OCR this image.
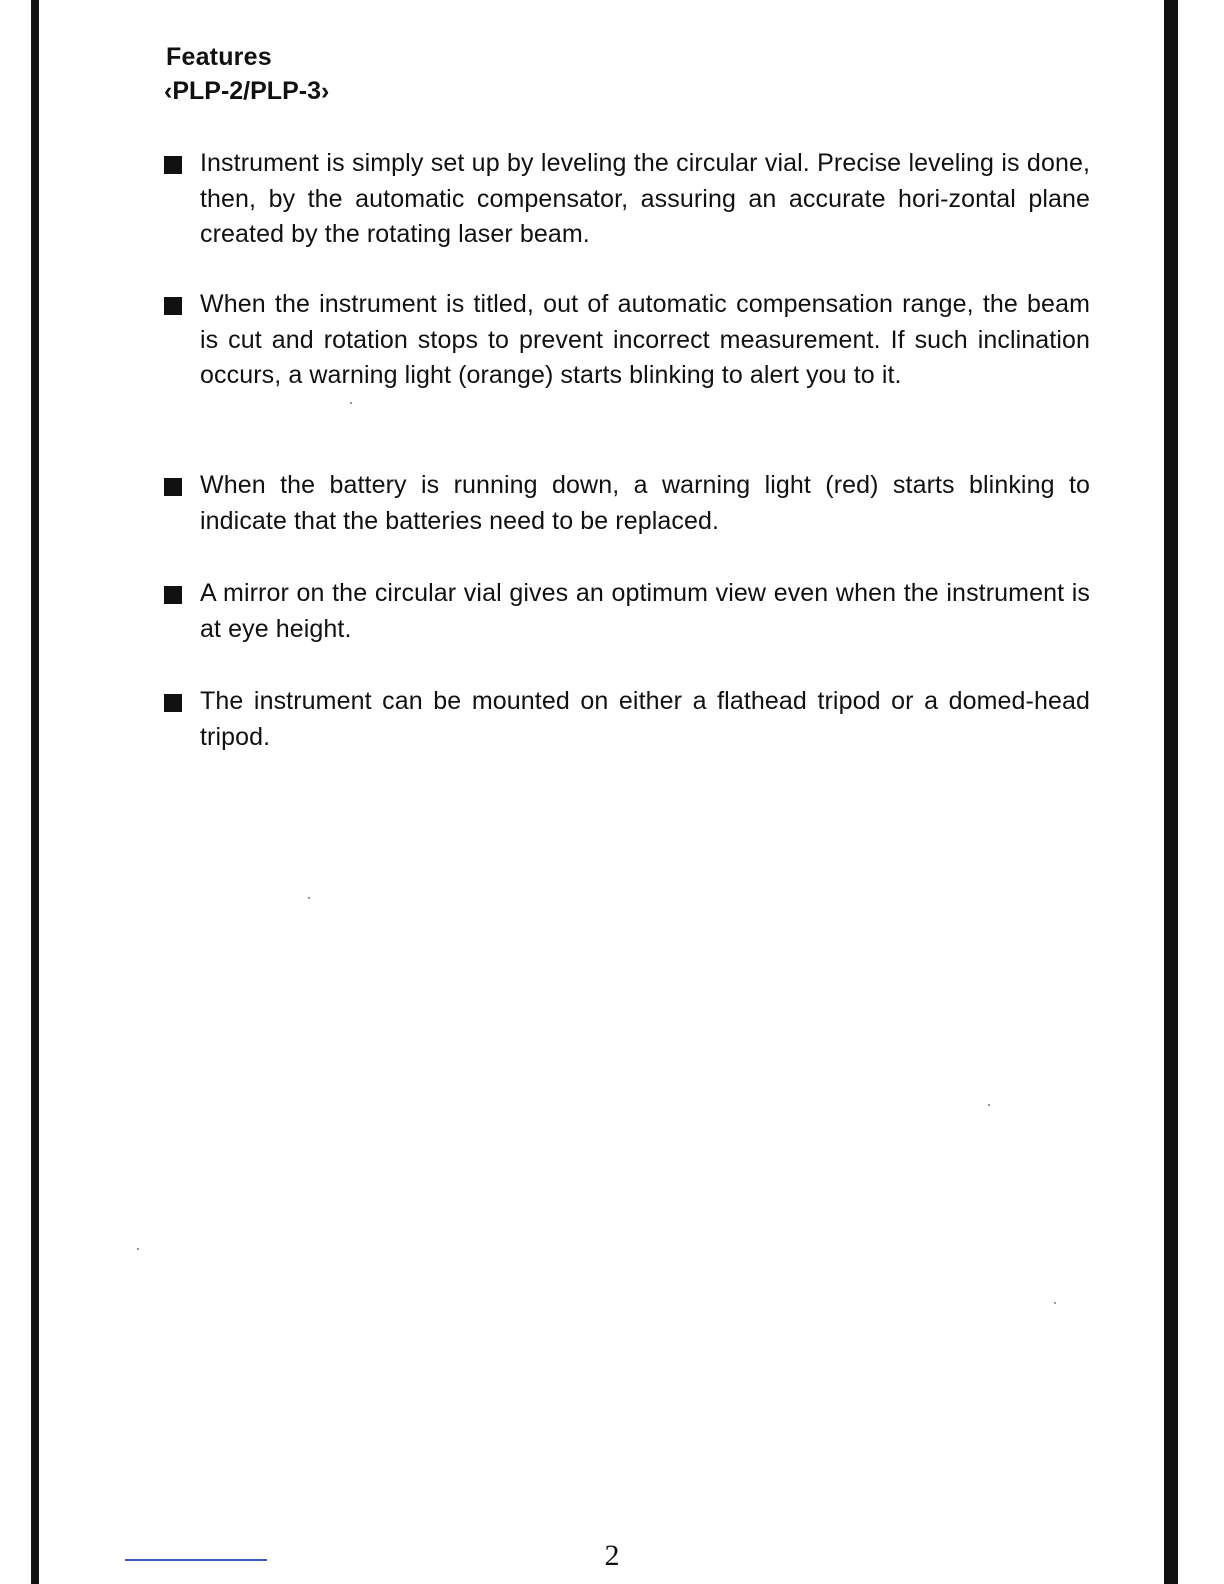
Features
‹PLP-2/PLP-3›
Instrument is simply set up by leveling the circular vial. Precise leveling is done, then, by the automatic compensator, assuring an accurate hori-zontal plane created by the rotating laser beam.
When the instrument is titled, out of automatic compensation range, the beam is cut and rotation stops to prevent incorrect measurement. If such inclination occurs, a warning light (orange) starts blinking to alert you to it.
When the battery is running down, a warning light (red) starts blinking to indicate that the batteries need to be replaced.
A mirror on the circular vial gives an optimum view even when the instrument is at eye height.
The instrument can be mounted on either a flathead tripod or a domed-head tripod.
2
